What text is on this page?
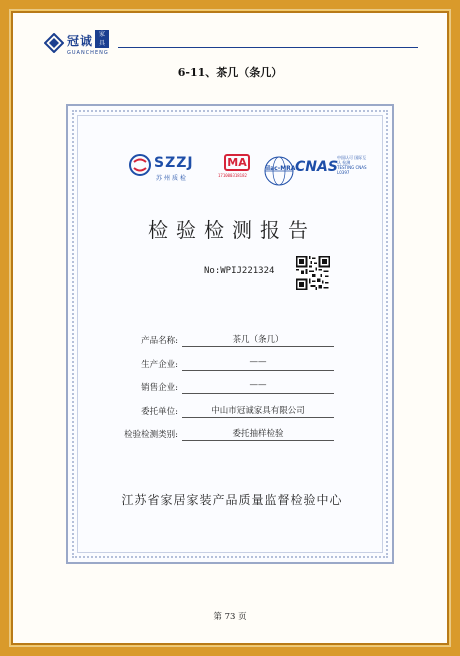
冠诚 家具
GUANCHENG
6-11、茶几（条几）
SZZJ
苏州质检
MA
171000318182
ilac-MRA CNAS
中国认可 国际互认 检测 TESTING CNAS L0397
检验检测报告
No:WPIJ221324
产品名称:	茶几（条几）
生产企业:	——
销售企业:	——
委托单位:	中山市冠诚家具有限公司
检验检测类别:	委托抽样检验
江苏省家居家装产品质量监督检验中心
第 73 页
